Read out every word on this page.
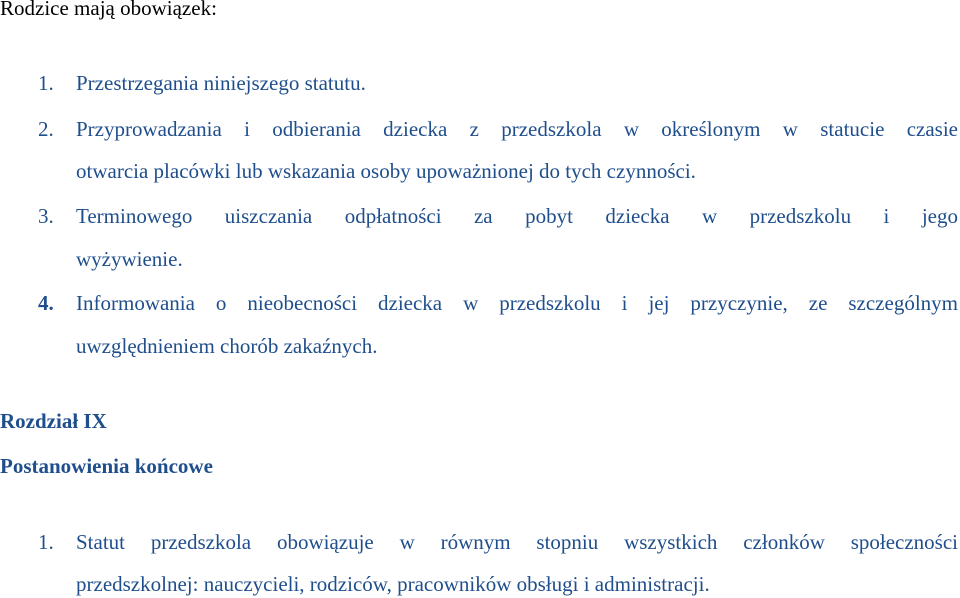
Rodzice mają obowiązek:
1. Przestrzegania niniejszego statutu.
2. Przyprowadzania i odbierania dziecka z przedszkola w określonym w statucie czasie
otwarcia placówki lub wskazania osoby upoważnionej do tych czynności.
3. Terminowego uiszczania odpłatności za pobyt dziecka w przedszkolu i jego
wyżywienie.
4. Informowania o nieobecności dziecka w przedszkolu i jej przyczynie, ze szczególnym
uwzględnieniem chorób zakaźnych.
Rozdział IX
Postanowienia końcowe
1. Statut przedszkola obowiązuje w równym stopniu wszystkich członków społeczności
przedszkolnej: nauczycieli, rodziców, pracowników obsługi i administracji.
